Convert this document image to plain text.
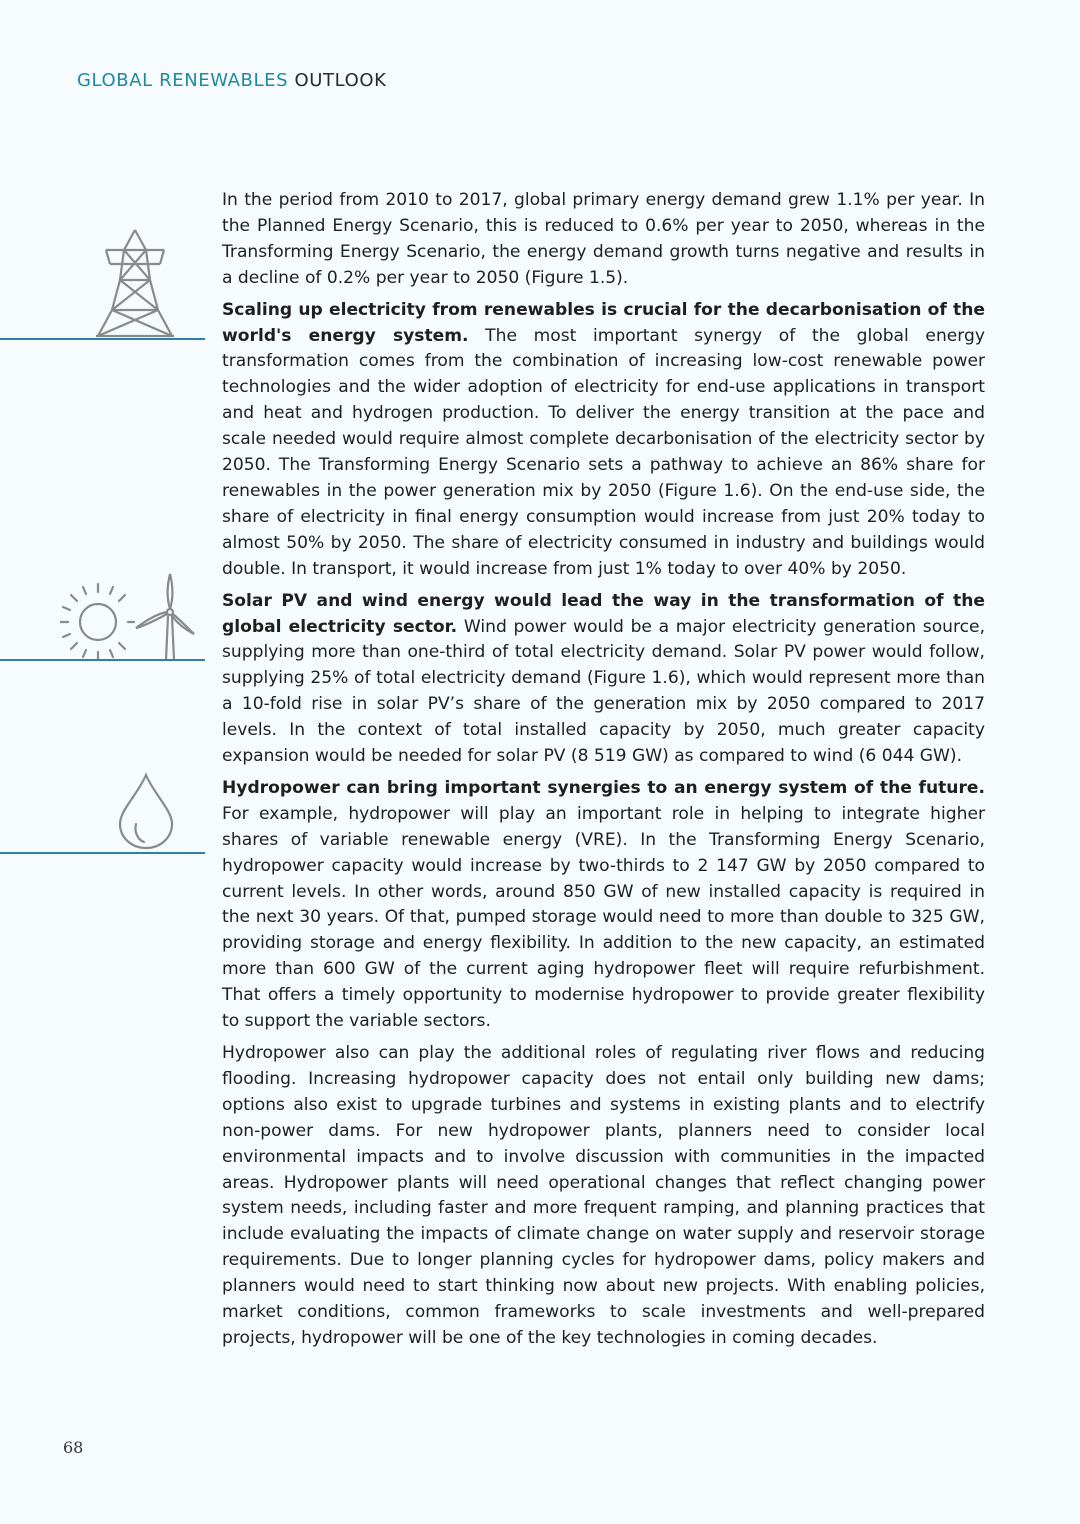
GLOBAL RENEWABLES OUTLOOK

In the period from 2010 to 2017, global primary energy demand grew 1.1% per year. In the Planned Energy Scenario, this is reduced to 0.6% per year to 2050, whereas in the Transforming Energy Scenario, the energy demand growth turns negative and results in a decline of 0.2% per year to 2050 (Figure 1.5).

Scaling up electricity from renewables is crucial for the decarbonisation of the world's energy system. The most important synergy of the global energy transformation comes from the combination of increasing low-cost renewable power technologies and the wider adoption of electricity for end-use applications in transport and heat and hydrogen production. To deliver the energy transition at the pace and scale needed would require almost complete decarbonisation of the electricity sector by 2050. The Transforming Energy Scenario sets a pathway to achieve an 86% share for renewables in the power generation mix by 2050 (Figure 1.6). On the end-use side, the share of electricity in final energy consumption would increase from just 20% today to almost 50% by 2050. The share of electricity consumed in industry and buildings would double. In transport, it would increase from just 1% today to over 40% by 2050.

Solar PV and wind energy would lead the way in the transformation of the global electricity sector. Wind power would be a major electricity generation source, supplying more than one-third of total electricity demand. Solar PV power would follow, supplying 25% of total electricity demand (Figure 1.6), which would represent more than a 10-fold rise in solar PV’s share of the generation mix by 2050 compared to 2017 levels. In the context of total installed capacity by 2050, much greater capacity expansion would be needed for solar PV (8 519 GW) as compared to wind (6 044 GW).

Hydropower can bring important synergies to an energy system of the future. For example, hydropower will play an important role in helping to integrate higher shares of variable renewable energy (VRE). In the Transforming Energy Scenario, hydropower capacity would increase by two-thirds to 2 147 GW by 2050 compared to current levels. In other words, around 850 GW of new installed capacity is required in the next 30 years. Of that, pumped storage would need to more than double to 325 GW, providing storage and energy flexibility. In addition to the new capacity, an estimated more than 600 GW of the current aging hydropower fleet will require refurbishment. That offers a timely opportunity to modernise hydropower to provide greater flexibility to support the variable sectors.

Hydropower also can play the additional roles of regulating river flows and reducing flooding. Increasing hydropower capacity does not entail only building new dams; options also exist to upgrade turbines and systems in existing plants and to electrify non-power dams. For new hydropower plants, planners need to consider local environmental impacts and to involve discussion with communities in the impacted areas. Hydropower plants will need operational changes that reflect changing power system needs, including faster and more frequent ramping, and planning practices that include evaluating the impacts of climate change on water supply and reservoir storage requirements. Due to longer planning cycles for hydropower dams, policy makers and planners would need to start thinking now about new projects. With enabling policies, market conditions, common frameworks to scale investments and well-prepared projects, hydropower will be one of the key technologies in coming decades.

68
